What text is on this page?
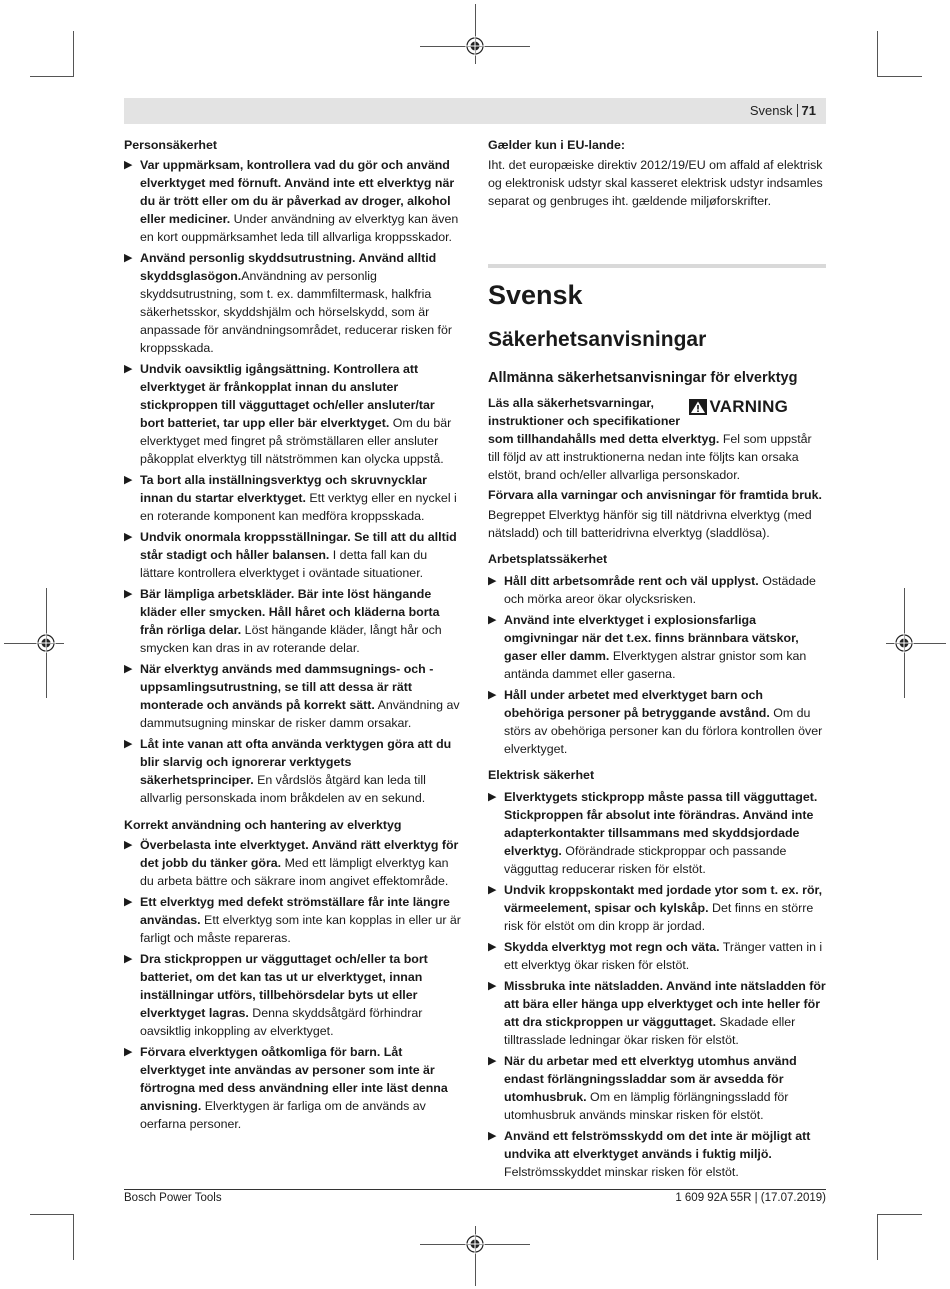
Svensk 71
Personsäkerhet
▶ Var uppmärksam, kontrollera vad du gör och använd elverktyget med förnuft. Använd inte ett elverktyg när du är trött eller om du är påverkad av droger, alkohol eller mediciner. Under användning av elverktyg kan även en kort ouppmärksamhet leda till allvarliga kroppsskador.
▶ Använd personlig skyddsutrustning. Använd alltid skyddsglasögon.Användning av personlig skyddsutrustning, som t. ex. dammfiltermask, halkfria säkerhetsskor, skyddshjälm och hörselskydd, som är anpassade för användningsområdet, reducerar risken för kroppsskada.
▶ Undvik oavsiktlig igångsättning. Kontrollera att elverktyget är frånkopplat innan du ansluter stickproppen till vägguttaget och/eller ansluter/tar bort batteriet, tar upp eller bär elverktyget. Om du bär elverktyget med fingret på strömställaren eller ansluter påkopplat elverktyg till nätströmmen kan olycka uppstå.
▶ Ta bort alla inställningsverktyg och skruvnycklar innan du startar elverktyget. Ett verktyg eller en nyckel i en roterande komponent kan medföra kroppsskada.
▶ Undvik onormala kroppsställningar. Se till att du alltid står stadigt och håller balansen. I detta fall kan du lättare kontrollera elverktyget i oväntade situationer.
▶ Bär lämpliga arbetskläder. Bär inte löst hängande kläder eller smycken. Håll håret och kläderna borta från rörliga delar. Löst hängande kläder, långt hår och smycken kan dras in av roterande delar.
▶ När elverktyg används med dammsugnings- och -uppsamlingsutrustning, se till att dessa är rätt monterade och används på korrekt sätt. Användning av dammutsugning minskar de risker damm orsakar.
▶ Låt inte vanan att ofta använda verktygen göra att du blir slarvig och ignorerar verktygets säkerhetsprinciper. En vårdslös åtgärd kan leda till allvarlig personskada inom bråkdelen av en sekund.
Korrekt användning och hantering av elverktyg
▶ Överbelasta inte elverktyget. Använd rätt elverktyg för det jobb du tänker göra. Med ett lämpligt elverktyg kan du arbeta bättre och säkrare inom angivet effektområde.
▶ Ett elverktyg med defekt strömställare får inte längre användas. Ett elverktyg som inte kan kopplas in eller ur är farligt och måste repareras.
▶ Dra stickproppen ur vägguttaget och/eller ta bort batteriet, om det kan tas ut ur elverktyget, innan inställningar utförs, tillbehörsdelar byts ut eller elverktyget lagras. Denna skyddsåtgärd förhindrar oavsiktlig inkoppling av elverktyget.
▶ Förvara elverktygen oåtkomliga för barn. Låt elverktyget inte användas av personer som inte är förtrogna med dess användning eller inte läst denna anvisning. Elverktygen är farliga om de används av oerfarna personer.
Gælder kun i EU-lande:
Iht. det europæiske direktiv 2012/19/EU om affald af elektrisk og elektronisk udstyr skal kasseret elektrisk udstyr indsamles separat og genbruges iht. gældende miljøforskrifter.
Svensk
Säkerhetsanvisningar
Allmänna säkerhetsanvisningar för elverktyg
Läs alla säkerhetsvarningar, instruktioner och specifikationer
VARNING
som tillhandahålls med detta elverktyg. Fel som uppstår till följd av att instruktionerna nedan inte följts kan orsaka elstöt, brand och/eller allvarliga personskador.
Förvara alla varningar och anvisningar för framtida bruk.
Begreppet Elverktyg hänför sig till nätdrivna elverktyg (med nätsladd) och till batteridrivna elverktyg (sladdlösa).
Arbetsplatssäkerhet
▶ Håll ditt arbetsområde rent och väl upplyst. Ostädade och mörka areor ökar olycksrisken.
▶ Använd inte elverktyget i explosionsfarliga omgivningar när det t.ex. finns brännbara vätskor, gaser eller damm. Elverktygen alstrar gnistor som kan antända dammet eller gaserna.
▶ Håll under arbetet med elverktyget barn och obehöriga personer på betryggande avstånd. Om du störs av obehöriga personer kan du förlora kontrollen över elverktyget.
Elektrisk säkerhet
▶ Elverktygets stickpropp måste passa till vägguttaget. Stickproppen får absolut inte förändras. Använd inte adapterkontakter tillsammans med skyddsjordade elverktyg. Oförändrade stickproppar och passande vägguttag reducerar risken för elstöt.
▶ Undvik kroppskontakt med jordade ytor som t. ex. rör, värmeelement, spisar och kylskåp. Det finns en större risk för elstöt om din kropp är jordad.
▶ Skydda elverktyg mot regn och väta. Tränger vatten in i ett elverktyg ökar risken för elstöt.
▶ Missbruka inte nätsladden. Använd inte nätsladden för att bära eller hänga upp elverktyget och inte heller för att dra stickproppen ur vägguttaget. Skadade eller tilltrasslade ledningar ökar risken för elstöt.
▶ När du arbetar med ett elverktyg utomhus använd endast förlängningssladdar som är avsedda för utomhusbruk. Om en lämplig förlängningssladd för utomhusbruk används minskar risken för elstöt.
▶ Använd ett felströmsskydd om det inte är möjligt att undvika att elverktyget används i fuktig miljö. Felströmsskyddet minskar risken för elstöt.
Bosch Power Tools	1 609 92A 55R | (17.07.2019)
